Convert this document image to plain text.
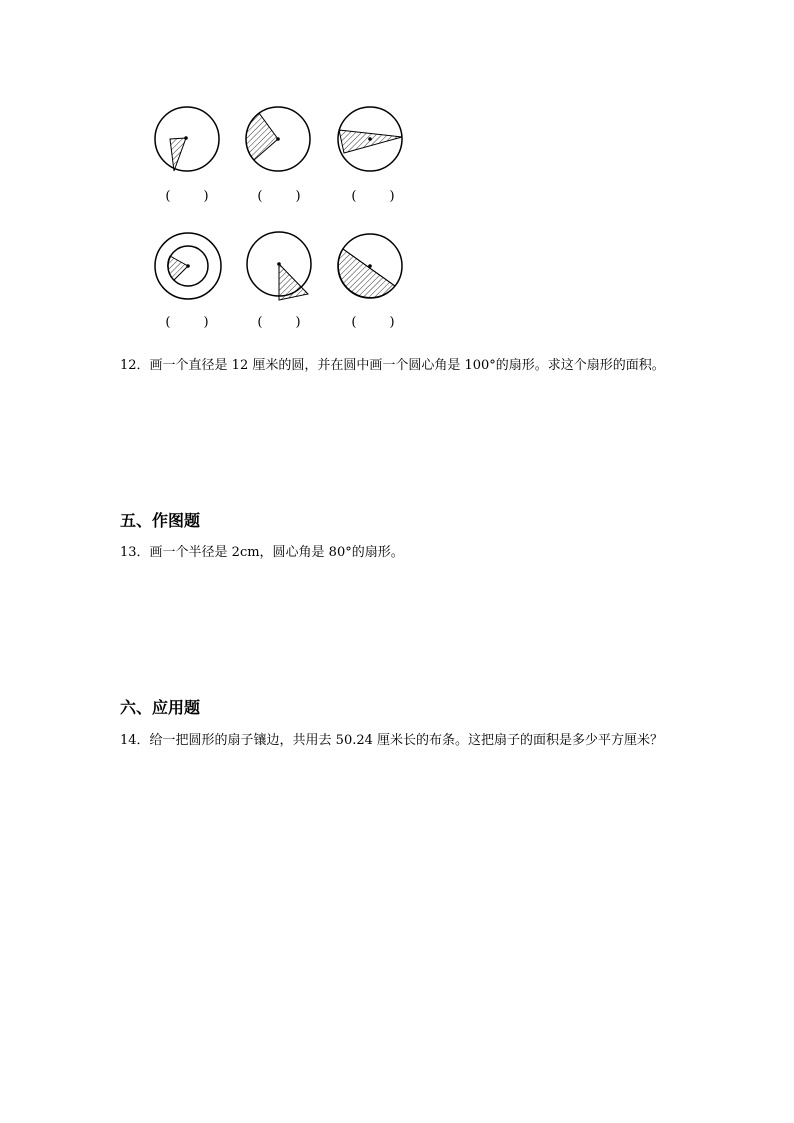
(        )	(        )	(        )
(        )	(        )	(        )
12．画一个直径是 12 厘米的圆，并在圆中画一个圆心角是 100°的扇形。求这个扇形的面积。
五、作图题
13．画一个半径是 2cm，圆心角是 80°的扇形。
六、应用题
14．给一把圆形的扇子镶边，共用去 50.24 厘米长的布条。这把扇子的面积是多少平方厘米？
